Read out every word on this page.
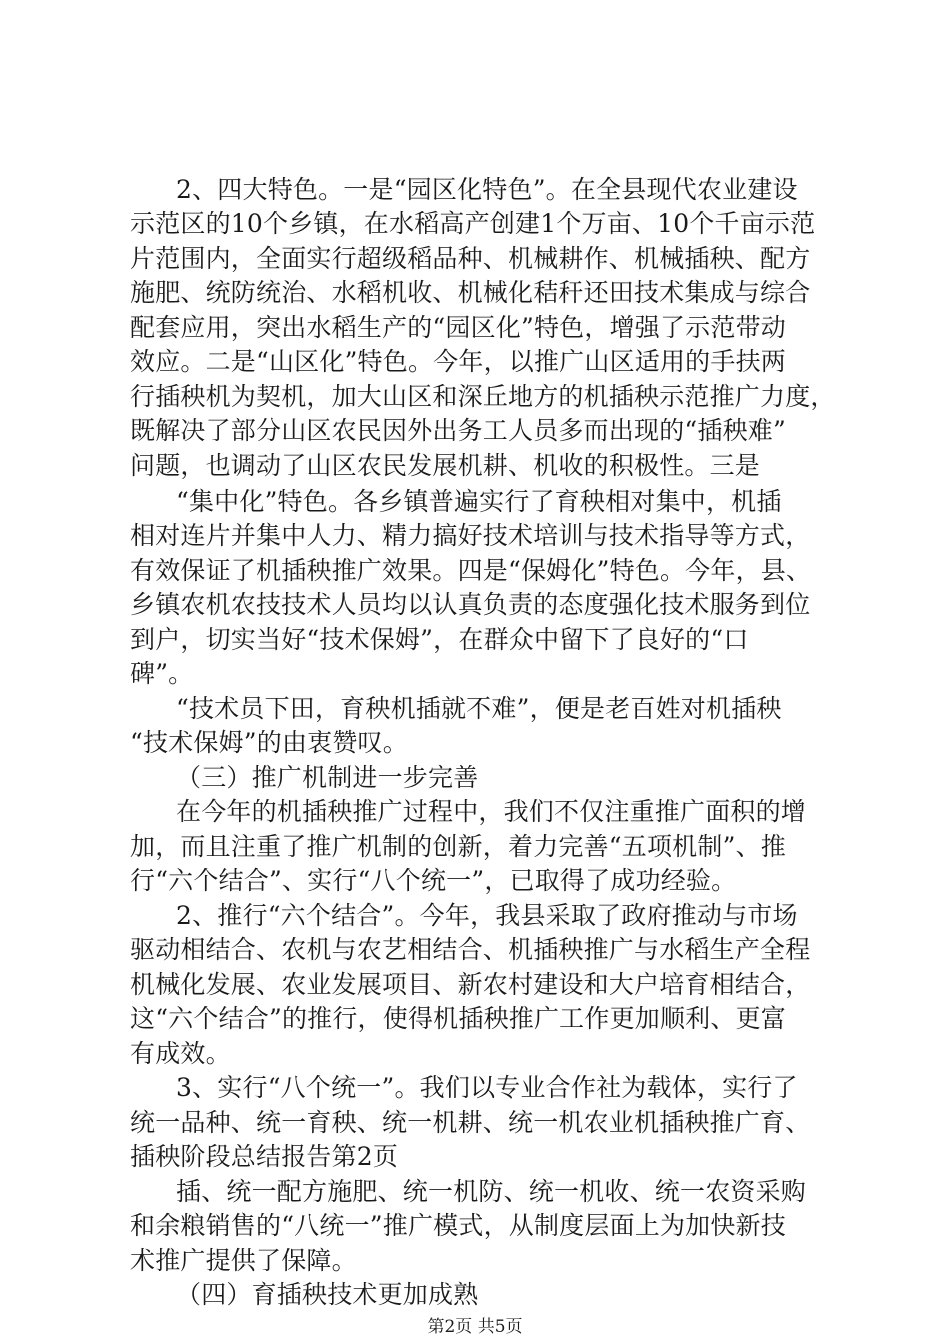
2、四大特色。一是“园区化特色”。在全县现代农业建设
示范区的10个乡镇，在水稻高产创建1个万亩、10个千亩示范
片范围内，全面实行超级稻品种、机械耕作、机械插秧、配方
施肥、统防统治、水稻机收、机械化秸秆还田技术集成与综合
配套应用，突出水稻生产的“园区化”特色，增强了示范带动
效应。二是“山区化”特色。今年，以推广山区适用的手扶两
行插秧机为契机，加大山区和深丘地方的机插秧示范推广力度，
既解决了部分山区农民因外出务工人员多而出现的“插秧难”
问题，也调动了山区农民发展机耕、机收的积极性。三是
“集中化”特色。各乡镇普遍实行了育秧相对集中，机插
相对连片并集中人力、精力搞好技术培训与技术指导等方式，
有效保证了机插秧推广效果。四是“保姆化”特色。今年，县、
乡镇农机农技技术人员均以认真负责的态度强化技术服务到位
到户，切实当好“技术保姆”，在群众中留下了良好的“口
碑”。
“技术员下田，育秧机插就不难”，便是老百姓对机插秧
“技术保姆”的由衷赞叹。
（三）推广机制进一步完善
在今年的机插秧推广过程中，我们不仅注重推广面积的增
加，而且注重了推广机制的创新，着力完善“五项机制”、推
行“六个结合”、实行“八个统一”，已取得了成功经验。
2、推行“六个结合”。今年，我县采取了政府推动与市场
驱动相结合、农机与农艺相结合、机插秧推广与水稻生产全程
机械化发展、农业发展项目、新农村建设和大户培育相结合，
这“六个结合”的推行，使得机插秧推广工作更加顺利、更富
有成效。
3、实行“八个统一”。我们以专业合作社为载体，实行了
统一品种、统一育秧、统一机耕、统一机农业机插秧推广育、
插秧阶段总结报告第2页
插、统一配方施肥、统一机防、统一机收、统一农资采购
和余粮销售的“八统一”推广模式，从制度层面上为加快新技
术推广提供了保障。
（四）育插秧技术更加成熟
第2页 共5页
